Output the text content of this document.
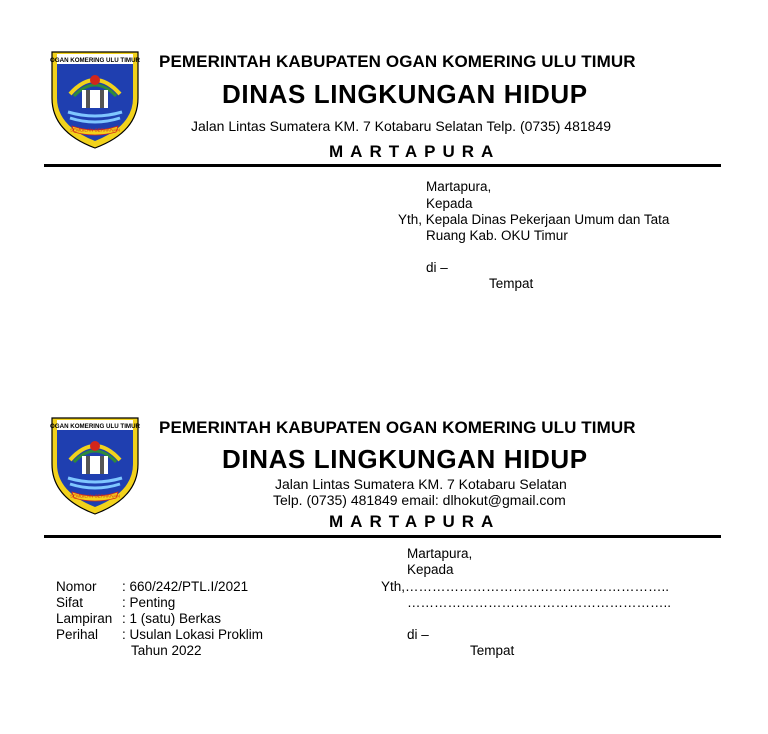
OGAN KOMERING ULU TIMUR
SEMBILAN SERAKNAN
PEMERINTAH KABUPATEN OGAN KOMERING ULU TIMUR
DINAS LINGKUNGAN HIDUP
Jalan Lintas Sumatera KM. 7 Kotabaru Selatan Telp. (0735) 481849
MARTAPURA
Martapura,
Kepada
Yth, Kepala Dinas Pekerjaan Umum dan Tata
Ruang Kab. OKU Timur
di –
Tempat
OGAN KOMERING ULU TIMUR
SEMBILAN SERAKNAN
PEMERINTAH KABUPATEN OGAN KOMERING ULU TIMUR
DINAS LINGKUNGAN HIDUP
Jalan Lintas Sumatera KM. 7 Kotabaru Selatan
Telp. (0735) 481849 email: dlhokut@gmail.com
MARTAPURA
Martapura,
Kepada
Yth,…………………………………………………..
…………………………………………………..
di –
Tempat
Nomor : 660/242/PTL.I/2021
Sifat	: Penting
Lampiran : 1 (satu) Berkas
Perihal : Usulan Lokasi Proklim
Tahun 2022
